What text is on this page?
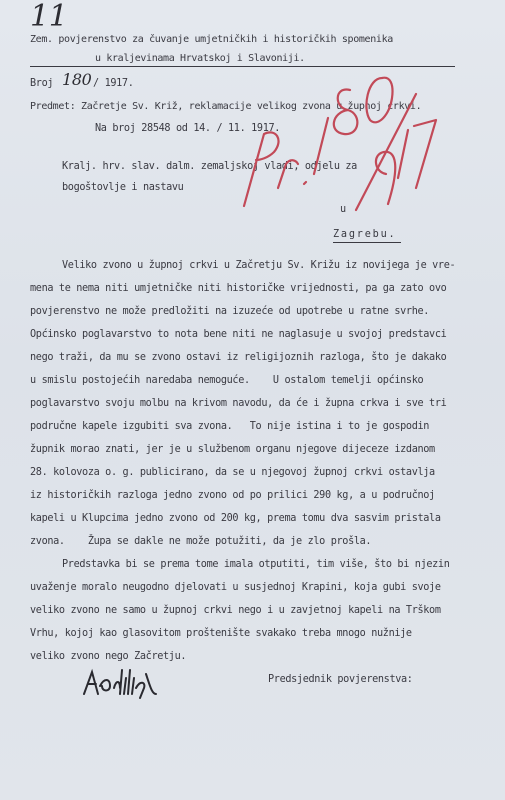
11
Zem. povjerenstvo za čuvanje umjetničkih i historičkih spomenika
u kraljevinama Hrvatskoj i Slavoniji.
Broj 180 / 1917.
Predmet: Začretje Sv. Križ, reklamacije velikog zvona u župnoj crkvi.
Na broj 28548 od 14. / 11. 1917.
Kralj. hrv. slav. dalm. zemaljskoj vladi, odjelu za
bogoštovlje i nastavu
u
Zagrebu.
Veliko zvono u župnoj crkvi u Začretju Sv. Križu iz novijega je vre-
mena te nema niti umjetničke niti historičke vrijednosti, pa ga zato ovo
povjerenstvo ne može predložiti na izuzeće od upotrebe u ratne svrhe.
Općinsko poglavarstvo to nota bene niti ne naglasuje u svojoj predstavci
nego traži, da mu se zvono ostavi iz religijoznih razloga, što je dakako
u smislu postojećih naredaba nemoguće.    U ostalom temelji općinsko
poglavarstvo svoju molbu na krivom navodu, da će i župna crkva i sve tri
područne kapele izgubiti sva zvona.   To nije istina i to je gospodin
župnik morao znati, jer je u službenom organu njegove dijeceze izdanom
28. kolovoza o. g. publicirano, da se u njegovoj župnoj crkvi ostavlja
iz historičkih razloga jedno zvono od po prilici 290 kg, a u područnoj
kapeli u Klupcima jedno zvono od 200 kg, prema tomu dva sasvim pristala
zvona.    Župa se dakle ne može potužiti, da je zlo prošla.
Predstavka bi se prema tome imala otputiti, tim više, što bi njezin
uvaženje moralo neugodno djelovati u susjednoj Krapini, koja gubi svoje
veliko zvono ne samo u župnoj crkvi nego i u zavjetnoj kapeli na Trškom
Vrhu, kojoj kao glasovitom proštenište svakako treba mnogo nužnije
veliko zvono nego Začretju.
Predsjednik povjerenstva:
